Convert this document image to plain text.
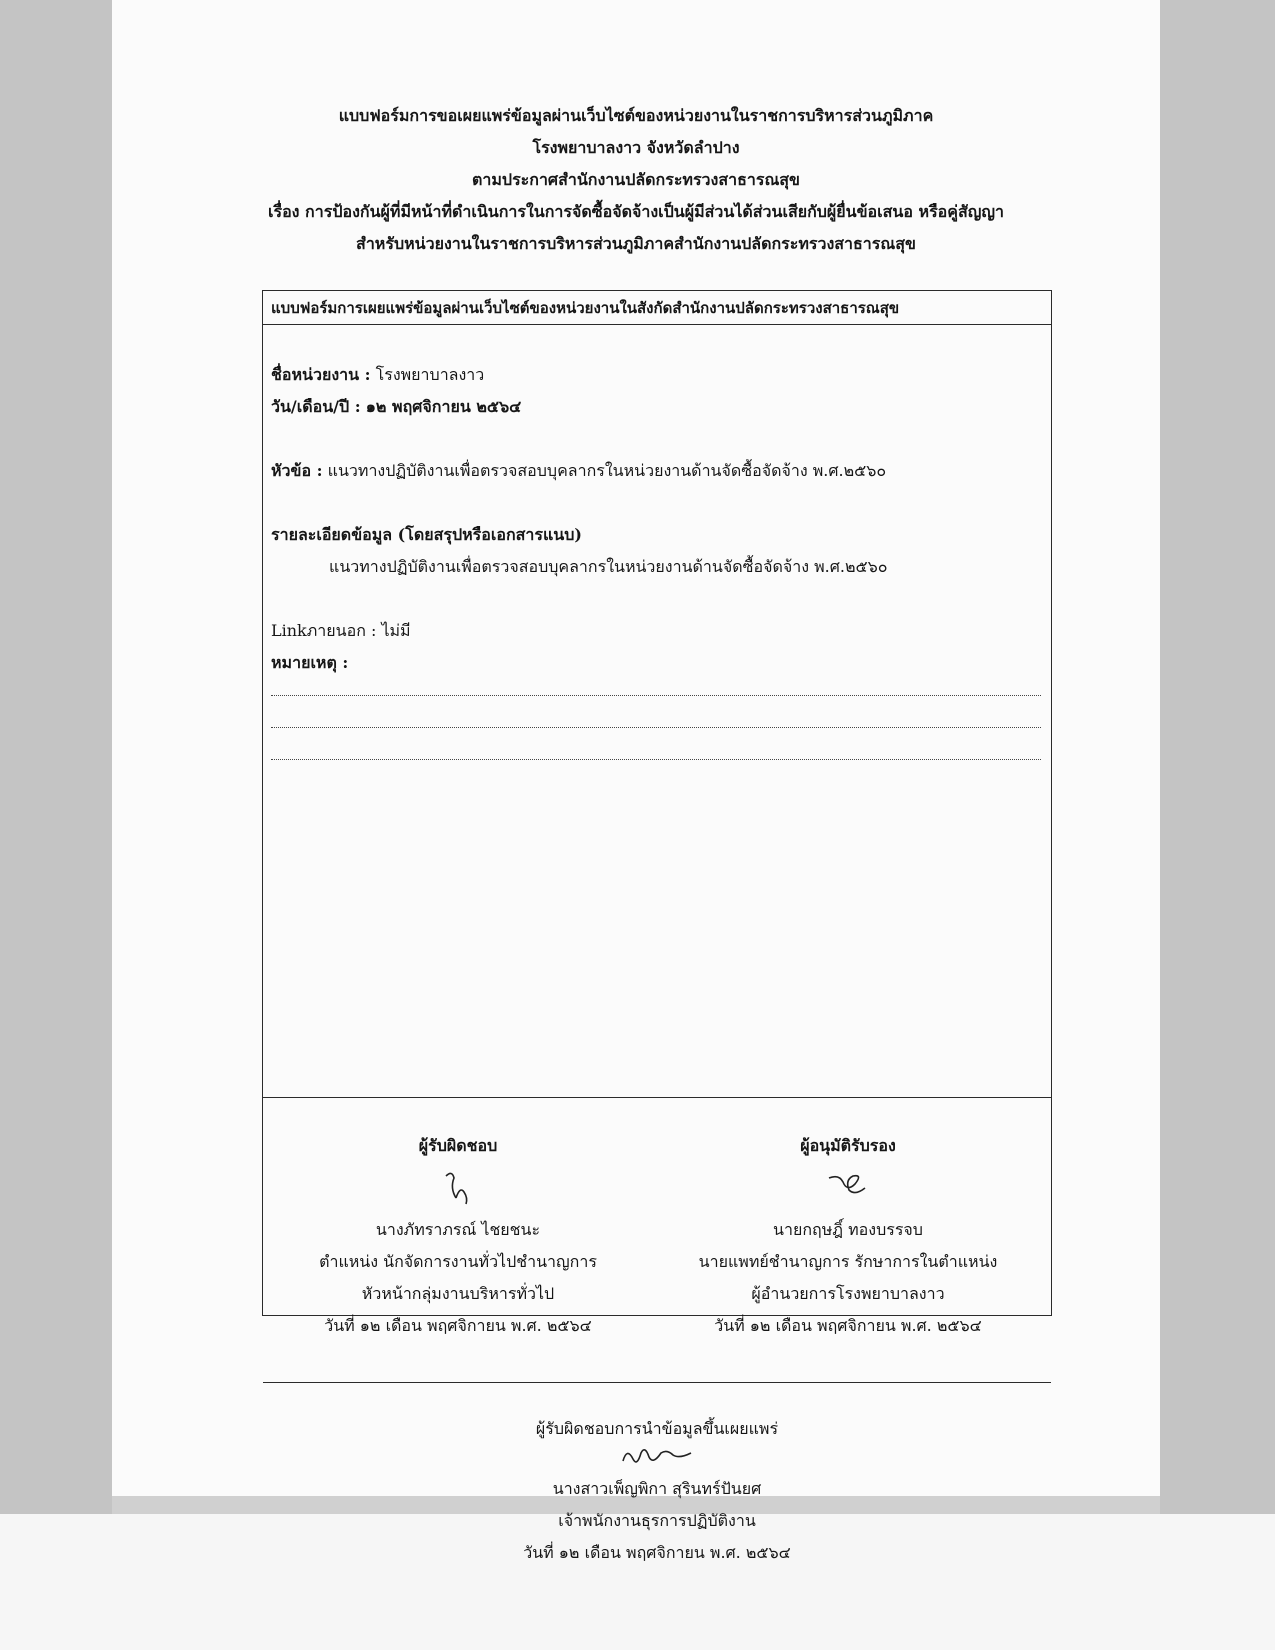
แบบฟอร์มการขอเผยแพร่ข้อมูลผ่านเว็บไซต์ของหน่วยงานในราชการบริหารส่วนภูมิภาค
โรงพยาบาลงาว จังหวัดลำปาง
ตามประกาศสำนักงานปลัดกระทรวงสาธารณสุข
เรื่อง การป้องกันผู้ที่มีหน้าที่ดำเนินการในการจัดซื้อจัดจ้างเป็นผู้มีส่วนได้ส่วนเสียกับผู้ยื่นข้อเสนอ หรือคู่สัญญา
สำหรับหน่วยงานในราชการบริหารส่วนภูมิภาคสำนักงานปลัดกระทรวงสาธารณสุข
แบบฟอร์มการเผยแพร่ข้อมูลผ่านเว็บไซต์ของหน่วยงานในสังกัดสำนักงานปลัดกระทรวงสาธารณสุข
ชื่อหน่วยงาน : โรงพยาบาลงาว
วัน/เดือน/ปี : ๑๒ พฤศจิกายน ๒๕๖๔
หัวข้อ : แนวทางปฏิบัติงานเพื่อตรวจสอบบุคลากรในหน่วยงานด้านจัดซื้อจัดจ้าง พ.ศ.๒๕๖๐
รายละเอียดข้อมูล (โดยสรุปหรือเอกสารแนบ)
แนวทางปฏิบัติงานเพื่อตรวจสอบบุคลากรในหน่วยงานด้านจัดซื้อจัดจ้าง พ.ศ.๒๕๖๐
Linkภายนอก : ไม่มี
หมายเหตุ :
ผู้รับผิดชอบ
นางภัทราภรณ์ ไชยชนะ
ตำแหน่ง นักจัดการงานทั่วไปชำนาญการ
หัวหน้ากลุ่มงานบริหารทั่วไป
วันที่ ๑๒ เดือน พฤศจิกายน พ.ศ. ๒๕๖๔
ผู้อนุมัติรับรอง
นายกฤษฎิ์ ทองบรรจบ
นายแพทย์ชำนาญการ รักษาการในตำแหน่ง
ผู้อำนวยการโรงพยาบาลงาว
วันที่ ๑๒ เดือน พฤศจิกายน พ.ศ. ๒๕๖๔
ผู้รับผิดชอบการนำข้อมูลขึ้นเผยแพร่
นางสาวเพ็ญพิกา สุรินทร์ปันยศ
เจ้าพนักงานธุรการปฏิบัติงาน
วันที่ ๑๒ เดือน พฤศจิกายน พ.ศ. ๒๕๖๔
